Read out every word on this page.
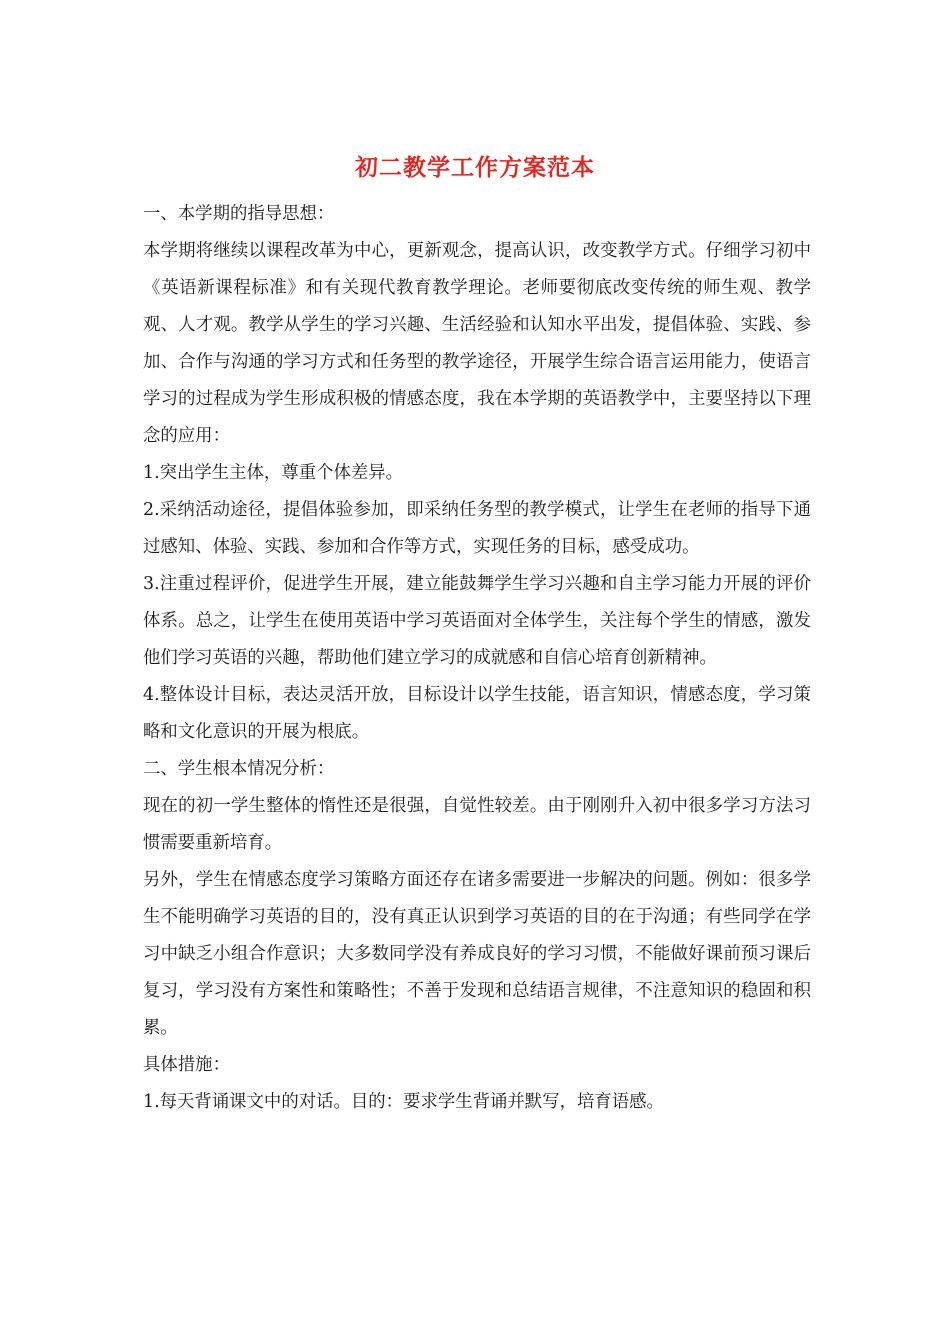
初二教学工作方案范本

一、本学期的指导思想：

本学期将继续以课程改革为中心，更新观念，提高认识，改变教学方式。仔细学习初中《英语新课程标准》和有关现代教育教学理论。老师要彻底改变传统的师生观、教学观、人才观。教学从学生的学习兴趣、生活经验和认知水平出发，提倡体验、实践、参加、合作与沟通的学习方式和任务型的教学途径，开展学生综合语言运用能力，使语言学习的过程成为学生形成积极的情感态度，我在本学期的英语教学中，主要坚持以下理念的应用：

1.突出学生主体，尊重个体差异。

2.采纳活动途径，提倡体验参加，即采纳任务型的教学模式，让学生在老师的指导下通过感知、体验、实践、参加和合作等方式，实现任务的目标，感受成功。

3.注重过程评价，促进学生开展，建立能鼓舞学生学习兴趣和自主学习能力开展的评价体系。总之，让学生在使用英语中学习英语面对全体学生，关注每个学生的情感，激发他们学习英语的兴趣，帮助他们建立学习的成就感和自信心培育创新精神。

4.整体设计目标，表达灵活开放，目标设计以学生技能，语言知识，情感态度，学习策略和文化意识的开展为根底。

二、学生根本情况分析：

现在的初一学生整体的惰性还是很强，自觉性较差。由于刚刚升入初中很多学习方法习惯需要重新培育。

另外，学生在情感态度学习策略方面还存在诸多需要进一步解决的问题。例如：很多学生不能明确学习英语的目的，没有真正认识到学习英语的目的在于沟通；有些同学在学习中缺乏小组合作意识；大多数同学没有养成良好的学习习惯，不能做好课前预习课后复习，学习没有方案性和策略性；不善于发现和总结语言规律，不注意知识的稳固和积累。

具体措施：

1.每天背诵课文中的对话。目的：要求学生背诵并默写，培育语感。
